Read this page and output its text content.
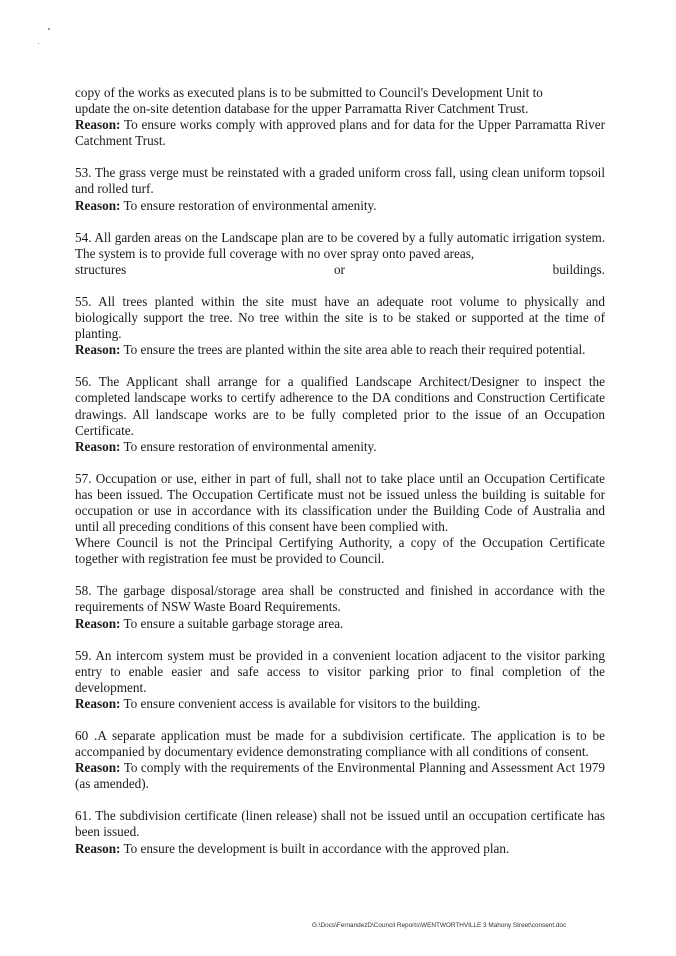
copy of the works as executed plans is to be submitted to Council's Development Unit to
update the on-site detention database for the upper Parramatta River Catchment Trust.
Reason: To ensure works comply with approved plans and for data for the Upper Parramatta River Catchment Trust.
53. The grass verge must be reinstated with a graded uniform cross fall, using clean uniform topsoil and rolled turf.
Reason: To ensure restoration of environmental amenity.
54. All garden areas on the Landscape plan are to be covered by a fully automatic irrigation system. The system is to provide full coverage with no over spray onto paved areas,
structures	or	buildings.
55. All trees planted within the site must have an adequate root volume to physically and biologically support the tree. No tree within the site is to be staked or supported at the time of planting.
Reason: To ensure the trees are planted within the site area able to reach their required potential.
56. The Applicant shall arrange for a qualified Landscape Architect/Designer to inspect the completed landscape works to certify adherence to the DA conditions and Construction Certificate drawings. All landscape works are to be fully completed prior to the issue of an Occupation Certificate.
Reason: To ensure restoration of environmental amenity.
57. Occupation or use, either in part of full, shall not to take place until an Occupation Certificate has been issued. The Occupation Certificate must not be issued unless the building is suitable for occupation or use in accordance with its classification under the Building Code of Australia and until all preceding conditions of this consent have been complied with.
Where Council is not the Principal Certifying Authority, a copy of the Occupation Certificate together with registration fee must be provided to Council.
58. The garbage disposal/storage area shall be constructed and finished in accordance with the requirements of NSW Waste Board Requirements.
Reason: To ensure a suitable garbage storage area.
59. An intercom system must be provided in a convenient location adjacent to the visitor parking entry to enable easier and safe access to visitor parking prior to final completion of the development.
Reason: To ensure convenient access is available for visitors to the building.
60 .A separate application must be made for a subdivision certificate. The application is to be accompanied by documentary evidence demonstrating compliance with all conditions of consent.
Reason: To comply with the requirements of the Environmental Planning and Assessment Act 1979 (as amended).
61. The subdivision certificate (linen release) shall not be issued until an occupation certificate has been issued.
Reason: To ensure the development is built in accordance with the approved plan.
G:\Docs\FernandezD\Council Reports\WENTWORTHVILLE 3 Mahony Street\consent.doc
